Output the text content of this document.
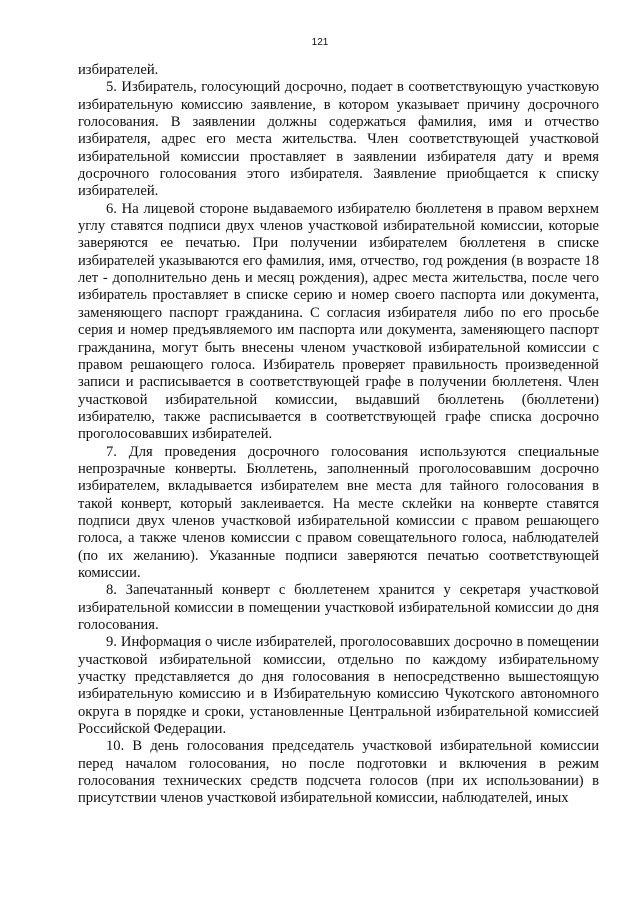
121

избирателей.

5. Избиратель, голосующий досрочно, подает в соответствующую участковую избирательную комиссию заявление, в котором указывает причину досрочного голосования. В заявлении должны содержаться фамилия, имя и отчество избирателя, адрес его места жительства. Член соответствующей участковой избирательной комиссии проставляет в заявлении избирателя дату и время досрочного голосования этого избирателя. Заявление приобщается к списку избирателей.

6. На лицевой стороне выдаваемого избирателю бюллетеня в правом верхнем углу ставятся подписи двух членов участковой избирательной комиссии, которые заверяются ее печатью. При получении избирателем бюллетеня в списке избирателей указываются его фамилия, имя, отчество, год рождения (в возрасте 18 лет - дополнительно день и месяц рождения), адрес места жительства, после чего избиратель проставляет в списке серию и номер своего паспорта или документа, заменяющего паспорт гражданина. С согласия избирателя либо по его просьбе серия и номер предъявляемого им паспорта или документа, заменяющего паспорт гражданина, могут быть внесены членом участковой избирательной комиссии с правом решающего голоса. Избиратель проверяет правильность произведенной записи и расписывается в соответствующей графе в получении бюллетеня. Член участковой избирательной комиссии, выдавший бюллетень (бюллетени) избирателю, также расписывается в соответствующей графе списка досрочно проголосовавших избирателей.

7. Для проведения досрочного голосования используются специальные непрозрачные конверты. Бюллетень, заполненный проголосовавшим досрочно избирателем, вкладывается избирателем вне места для тайного голосования в такой конверт, который заклеивается. На месте склейки на конверте ставятся подписи двух членов участковой избирательной комиссии с правом решающего голоса, а также членов комиссии с правом совещательного голоса, наблюдателей (по их желанию). Указанные подписи заверяются печатью соответствующей комиссии.

8. Запечатанный конверт с бюллетенем хранится у секретаря участковой избирательной комиссии в помещении участковой избирательной комиссии до дня голосования.

9. Информация о числе избирателей, проголосовавших досрочно в помещении участковой избирательной комиссии, отдельно по каждому избирательному участку представляется до дня голосования в непосредственно вышестоящую избирательную комиссию и в Избирательную комиссию Чукотского автономного округа в порядке и сроки, установленные Центральной избирательной комиссией Российской Федерации.

10. В день голосования председатель участковой избирательной комиссии перед началом голосования, но после подготовки и включения в режим голосования технических средств подсчета голосов (при их использовании) в присутствии членов участковой избирательной комиссии, наблюдателей, иных
